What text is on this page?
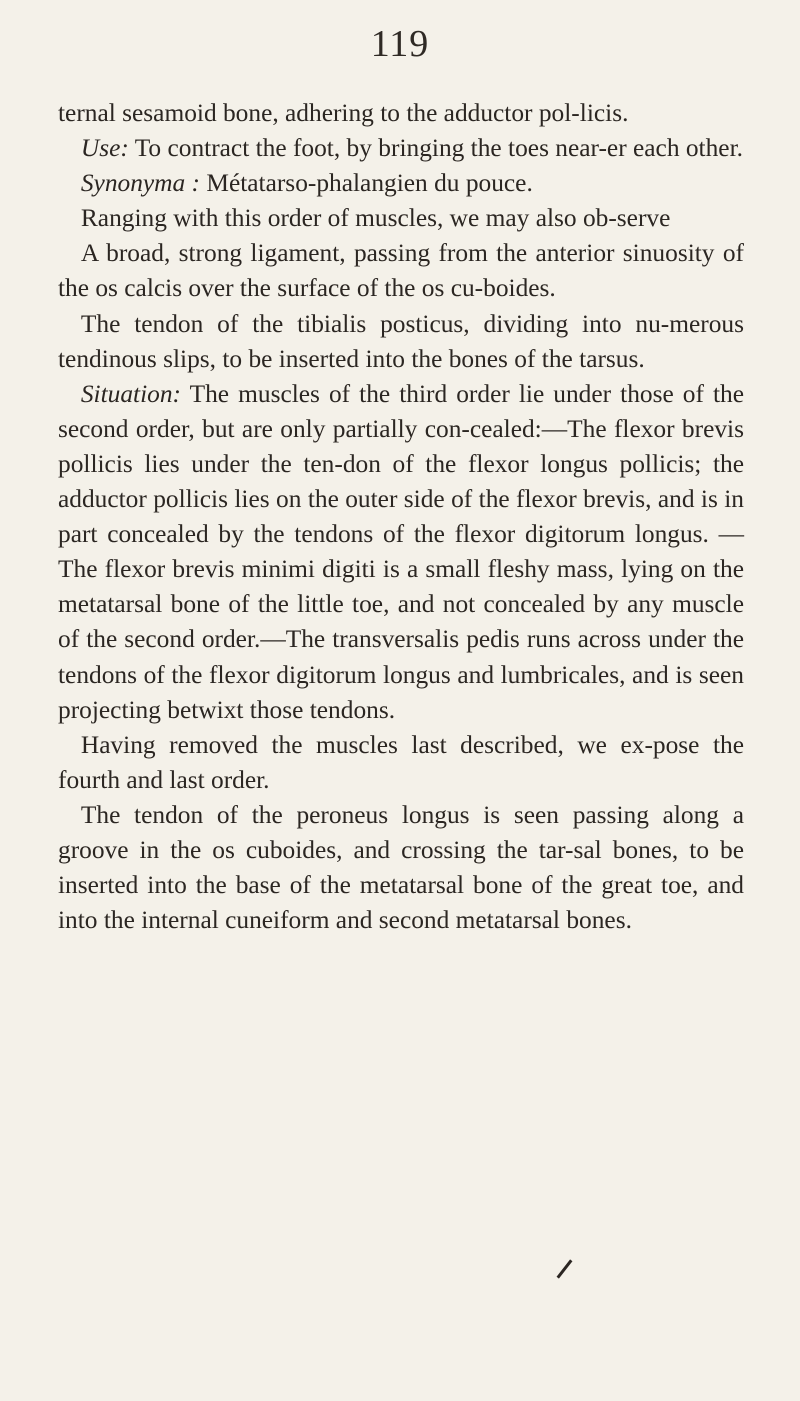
119

ternal sesamoid bone, adhering to the adductor pol-licis.

Use: To contract the foot, by bringing the toes near-er each other.

Synonyma : Métatarso-phalangien du pouce.

Ranging with this order of muscles, we may also ob-serve

A broad, strong ligament, passing from the anterior sinuosity of the os calcis over the surface of the os cu-boides.

The tendon of the tibialis posticus, dividing into nu-merous tendinous slips, to be inserted into the bones of the tarsus.

Situation: The muscles of the third order lie under those of the second order, but are only partially con-cealed:—The flexor brevis pollicis lies under the ten-don of the flexor longus pollicis; the adductor pollicis lies on the outer side of the flexor brevis, and is in part concealed by the tendons of the flexor digitorum longus. —The flexor brevis minimi digiti is a small fleshy mass, lying on the metatarsal bone of the little toe, and not concealed by any muscle of the second order.—The transversalis pedis runs across under the tendons of the flexor digitorum longus and lumbricales, and is seen projecting betwixt those tendons.

Having removed the muscles last described, we ex-pose the fourth and last order.

The tendon of the peroneus longus is seen passing along a groove in the os cuboides, and crossing the tar-sal bones, to be inserted into the base of the metatarsal bone of the great toe, and into the internal cuneiform and second metatarsal bones.
